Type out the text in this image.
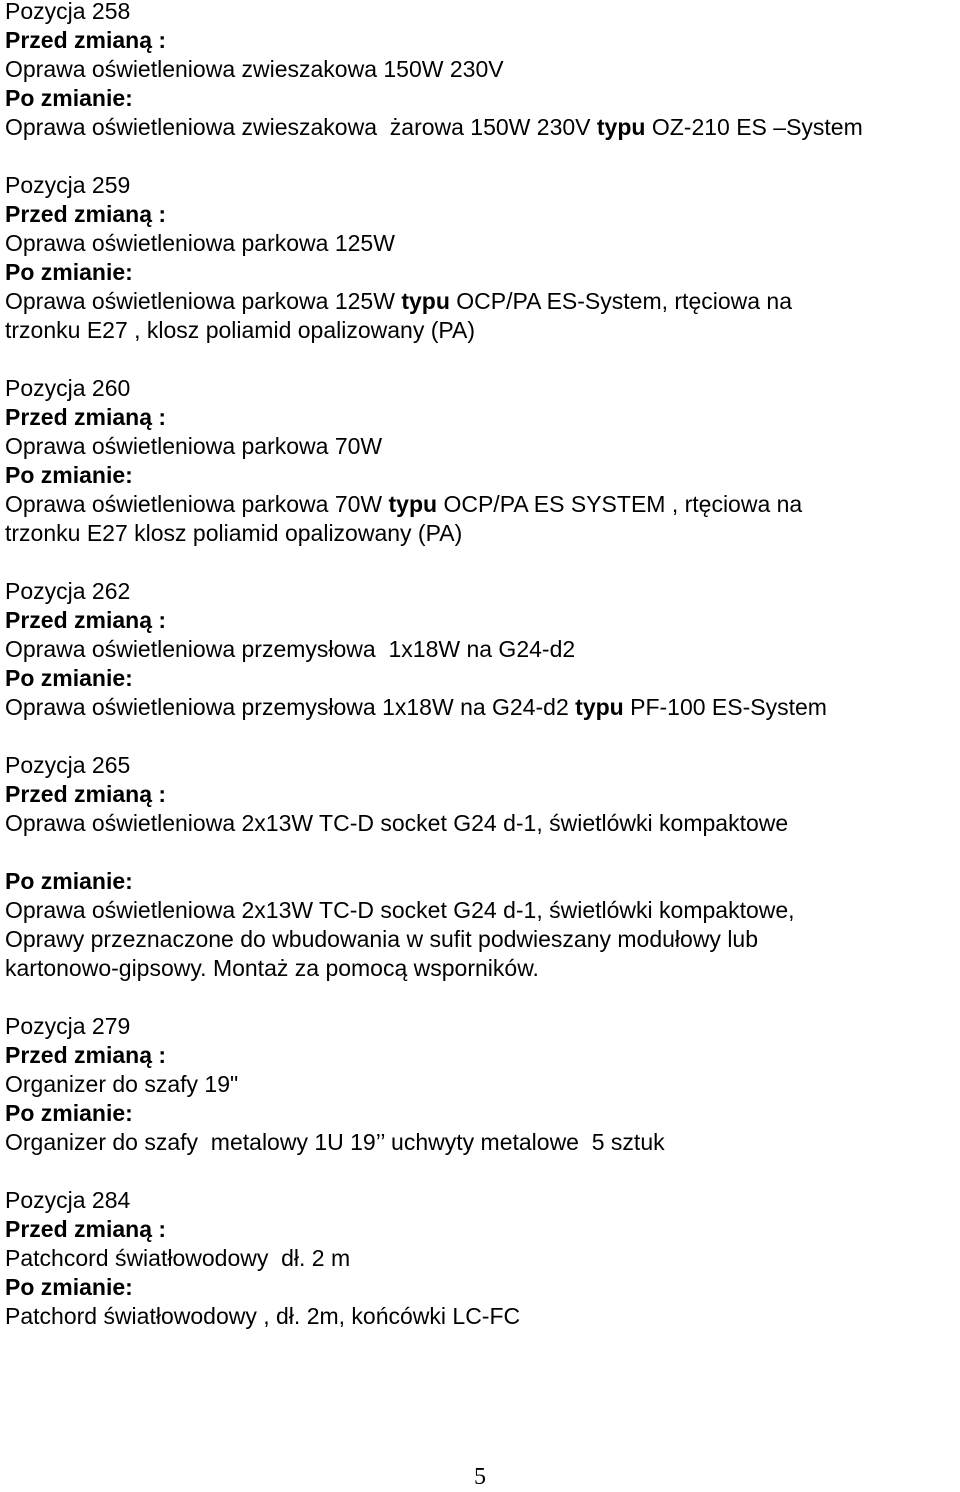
Pozycja 258
Przed zmianą :
Oprawa oświetleniowa zwieszakowa 150W 230V
Po zmianie:
Oprawa oświetleniowa zwieszakowa  żarowa 150W 230V typu OZ-210 ES –System
Pozycja 259
Przed zmianą :
Oprawa oświetleniowa parkowa 125W
Po zmianie:
Oprawa oświetleniowa parkowa 125W typu OCP/PA ES-System, rtęciowa na
trzonku E27 , klosz poliamid opalizowany (PA)
Pozycja 260
Przed zmianą :
Oprawa oświetleniowa parkowa 70W
Po zmianie:
Oprawa oświetleniowa parkowa 70W typu OCP/PA ES SYSTEM , rtęciowa na
trzonku E27 klosz poliamid opalizowany (PA)
Pozycja 262
Przed zmianą :
Oprawa oświetleniowa przemysłowa  1x18W na G24-d2
Po zmianie:
Oprawa oświetleniowa przemysłowa 1x18W na G24-d2 typu PF-100 ES-System
Pozycja 265
Przed zmianą :
Oprawa oświetleniowa 2x13W TC-D socket G24 d-1, świetlówki kompaktowe
Po zmianie:
Oprawa oświetleniowa 2x13W TC-D socket G24 d-1, świetlówki kompaktowe,
Oprawy przeznaczone do wbudowania w sufit podwieszany modułowy lub
kartonowo-gipsowy. Montaż za pomocą wsporników.
Pozycja 279
Przed zmianą :
Organizer do szafy 19"
Po zmianie:
Organizer do szafy  metalowy 1U 19’’ uchwyty metalowe  5 sztuk
Pozycja 284
Przed zmianą :
Patchcord światłowodowy  dł. 2 m
Po zmianie:
Patchord światłowodowy , dł. 2m, końcówki LC-FC
5
